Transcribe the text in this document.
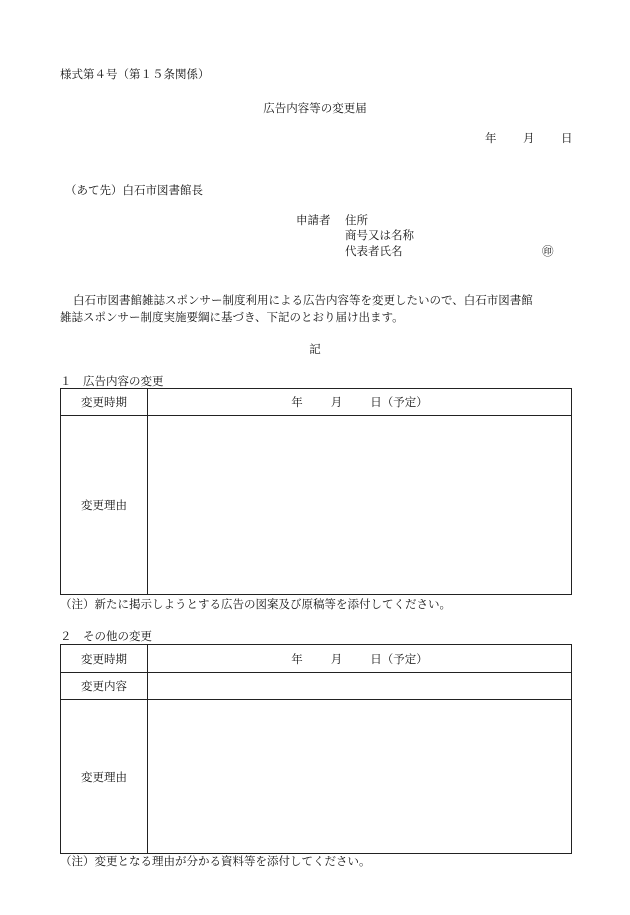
様式第４号（第１５条関係）
広告内容等の変更届
年 月 日
（あて先）白石市図書館長
申請者 住所
商号又は名称
代表者氏名	㊞
白石市図書館雑誌スポンサー制度利用による広告内容等を変更したいので、白石市図書館
雑誌スポンサー制度実施要綱に基づき、下記のとおり届け出ます。
記
１　広告内容の変更
変更時期	年 月 日（予定）
変更理由	
（注）新たに掲示しようとする広告の図案及び原稿等を添付してください。
２　その他の変更
変更時期	年 月 日（予定）
変更内容	
変更理由	
（注）変更となる理由が分かる資料等を添付してください。
